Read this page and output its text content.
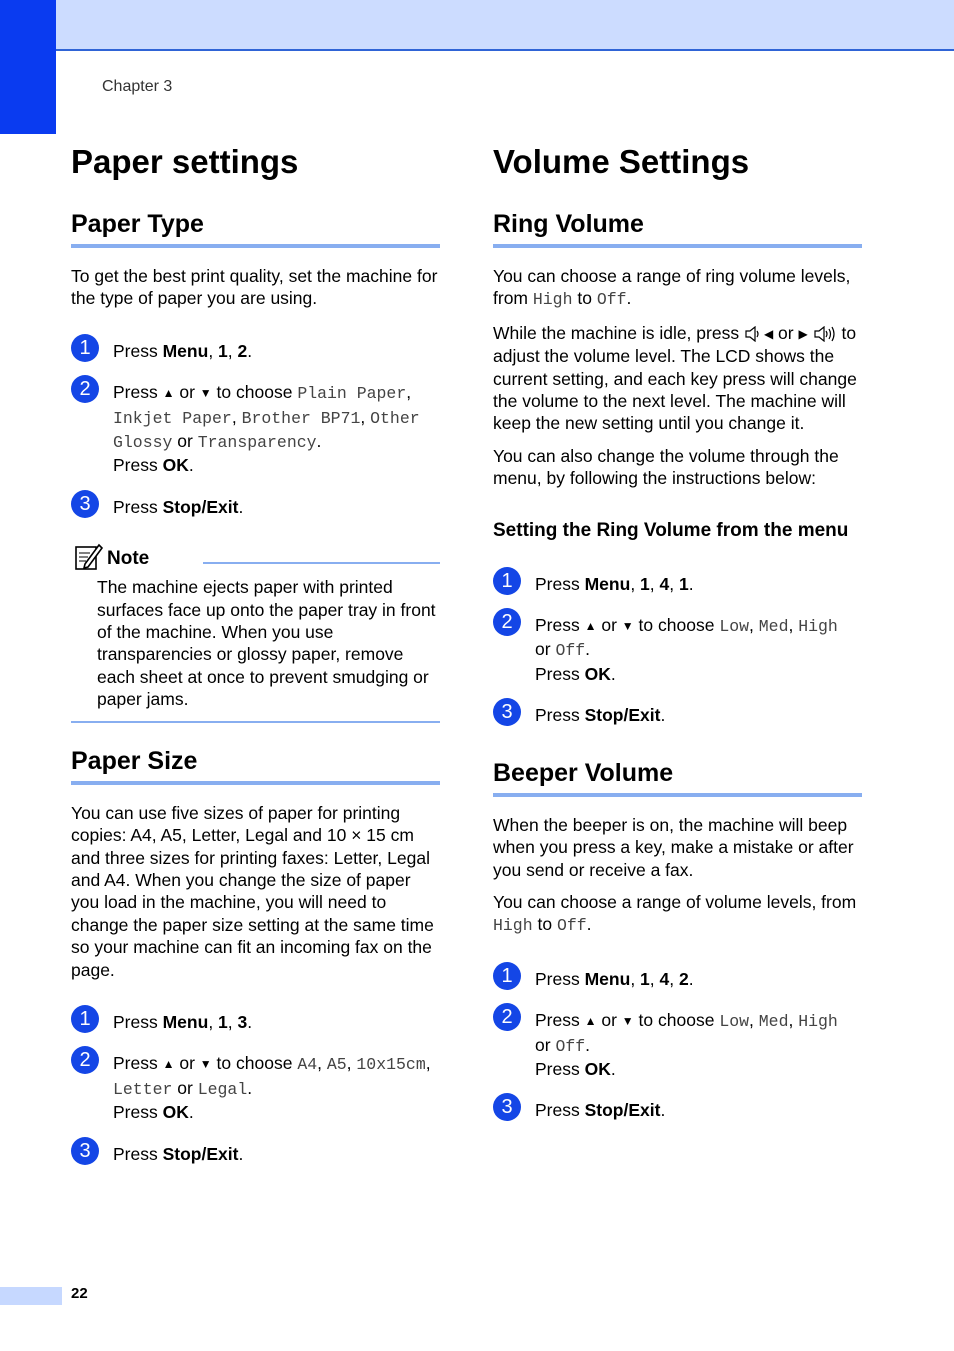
Chapter 3
Paper settings
Paper Type

To get the best print quality, set the machine for the type of paper you are using.

1	Press Menu, 1, 2.
2	Press ▲ or ▼ to choose Plain Paper, Inkjet Paper, Brother BP71, Other Glossy or Transparency.
Press OK.
3	Press Stop/Exit.
Note

The machine ejects paper with printed surfaces face up onto the paper tray in front of the machine. When you use transparencies or glossy paper, remove each sheet at once to prevent smudging or paper jams.

Paper Size

You can use five sizes of paper for printing copies: A4, A5, Letter, Legal and 10 × 15 cm and three sizes for printing faxes: Letter, Legal and A4. When you change the size of paper you load in the machine, you will need to change the paper size setting at the same time so your machine can fit an incoming fax on the page.

1	Press Menu, 1, 3.
2	Press ▲ or ▼ to choose A4, A5, 10x15cm, Letter or Legal.
Press OK.
3	Press Stop/Exit.
Volume Settings
Ring Volume

You can choose a range of ring volume levels, from High to Off.

While the machine is idle, press ◀ or ▶  to adjust the volume level. The LCD shows the current setting, and each key press will change the volume to the next level. The machine will keep the new setting until you change it.

You can also change the volume through the menu, by following the instructions below:

Setting the Ring Volume from the menu
1	Press Menu, 1, 4, 1.
2	Press ▲ or ▼ to choose Low, Med, High
or Off.
Press OK.
3	Press Stop/Exit.
Beeper Volume

When the beeper is on, the machine will beep when you press a key, make a mistake or after you send or receive a fax.

You can choose a range of volume levels, from High to Off.

1	Press Menu, 1, 4, 2.
2	Press ▲ or ▼ to choose Low, Med, High
or Off.
Press OK.
3	Press Stop/Exit.
22
